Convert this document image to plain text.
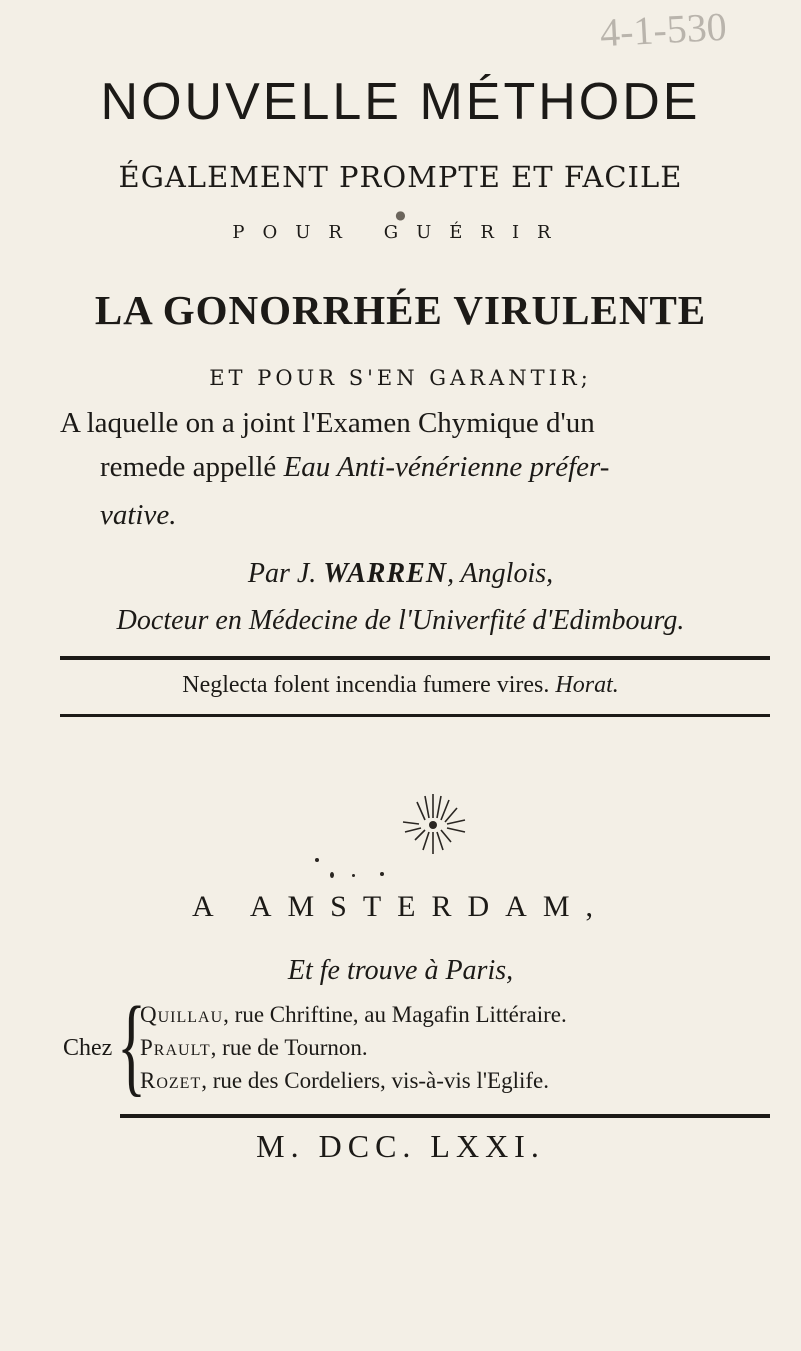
4-1-530
NOUVELLE MÉTHODE
ÉGALEMENT PROMPTE ET FACILE
●
POUR GUÉRIR
LA GONORRHÉE VIRULENTE
ET POUR S'EN GARANTIR;
A laquelle on a joint l'Examen Chymique d'un
remede appellé Eau Anti-vénérienne préfer-
vative.
Par J. WARREN, Anglois,
Docteur en Médecine de l'Univerfité d'Edimbourg.
Neglecta folent incendia fumere vires. Horat.
A AMSTERDAM,
Et fe trouve à Paris,
Chez {
Quillau, rue Chriftine, au Magafin Littéraire.
Prault, rue de Tournon.
Rozet, rue des Cordeliers, vis-à-vis l'Eglife.
M. DCC. LXXI.
